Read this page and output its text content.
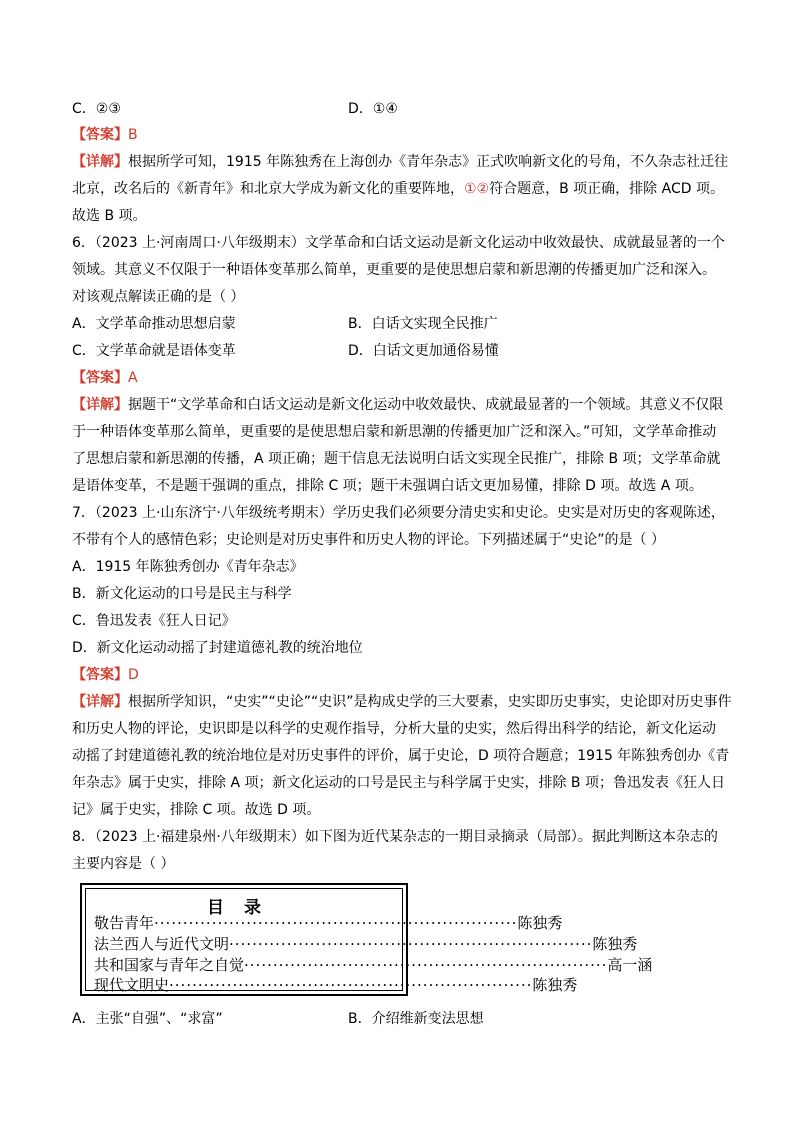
C．②③	D．①④
【答案】B
【详解】根据所学可知，1915 年陈独秀在上海创办《青年杂志》正式吹响新文化的号角，不久杂志社迁往
北京，改名后的《新青年》和北京大学成为新文化的重要阵地，①②符合题意，B 项正确，排除 ACD 项。
故选 B 项。
6．（2023 上·河南周口·八年级期末）文学革命和白话文运动是新文化运动中收效最快、成就最显著的一个
领域。其意义不仅限于一种语体变革那么简单，更重要的是使思想启蒙和新思潮的传播更加广泛和深入。
对该观点解读正确的是（ ）
A．文学革命推动思想启蒙	B．白话文实现全民推广
C．文学革命就是语体变革	D．白话文更加通俗易懂
【答案】A
【详解】据题干“文学革命和白话文运动是新文化运动中收效最快、成就最显著的一个领域。其意义不仅限
于一种语体变革那么简单，更重要的是使思想启蒙和新思潮的传播更加广泛和深入。”可知，文学革命推动
了思想启蒙和新思潮的传播，A 项正确；题干信息无法说明白话文实现全民推广，排除 B 项；文学革命就
是语体变革，不是题干强调的重点，排除 C 项；题干未强调白话文更加易懂，排除 D 项。故选 A 项。
7．（2023 上·山东济宁·八年级统考期末）学历史我们必须要分清史实和史论。史实是对历史的客观陈述，
不带有个人的感情色彩；史论则是对历史事件和历史人物的评论。下列描述属于“史论”的是（ ）
A．1915 年陈独秀创办《青年杂志》
B．新文化运动的口号是民主与科学
C．鲁迅发表《狂人日记》
D．新文化运动动摇了封建道德礼教的统治地位
【答案】D
【详解】根据所学知识，“史实”“史论”“史识”是构成史学的三大要素，史实即历史事实，史论即对历史事件
和历史人物的评论，史识即是以科学的史观作指导，分析大量的史实，然后得出科学的结论，新文化运动
动摇了封建道德礼教的统治地位是对历史事件的评价，属于史论，D 项符合题意；1915 年陈独秀创办《青
年杂志》属于史实，排除 A 项；新文化运动的口号是民主与科学属于史实，排除 B 项；鲁迅发表《狂人日
记》属于史实，排除 C 项。故选 D 项。
8．（2023 上·福建泉州·八年级期末）如下图为近代某杂志的一期目录摘录（局部）。据此判断这本杂志的
主要内容是（ ）
目录
敬告青年 ······························································· 陈独秀
法兰西人与近代文明 ······························································· 陈独秀
共和国家与青年之自觉 ······························································· 高一涵
现代文明史 ······························································· 陈独秀
A．主张“自强”、“求富”	B．介绍维新变法思想
